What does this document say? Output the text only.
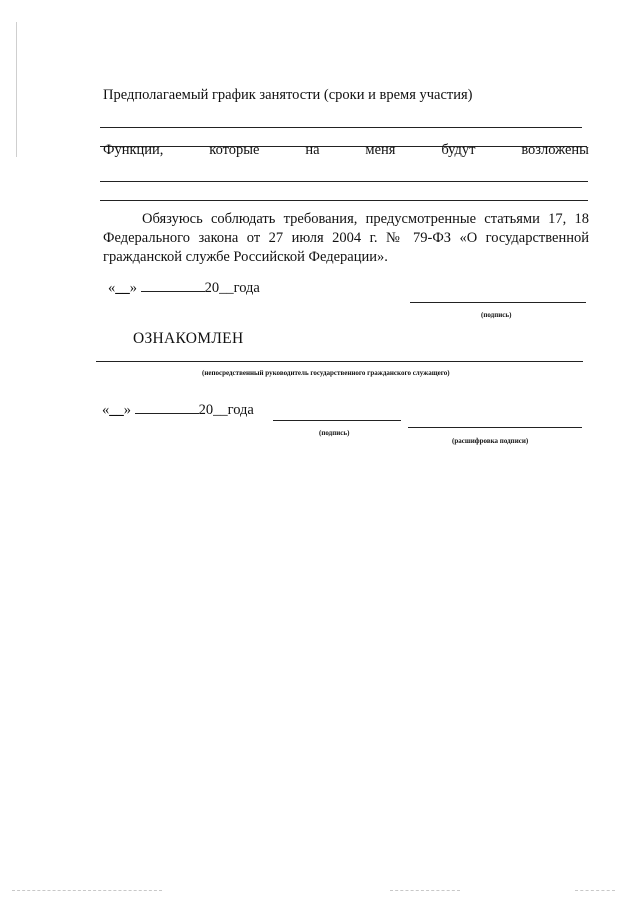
Предполагаемый график занятости (сроки и время участия)
Функции,	которые	на	меня	будут	возложены
Обязуюсь соблюдать требования, предусмотренные статьями 17, 18 Федерального закона от 27 июля 2004 г. № 79-ФЗ «О государственной гражданской службе Российской Федерации».
«__»	20__года
(подпись)
ОЗНАКОМЛЕН
(непосредственный руководитель государственного гражданского служащего)
«__»	20__года
(подпись)
(расшифровка подписи)
